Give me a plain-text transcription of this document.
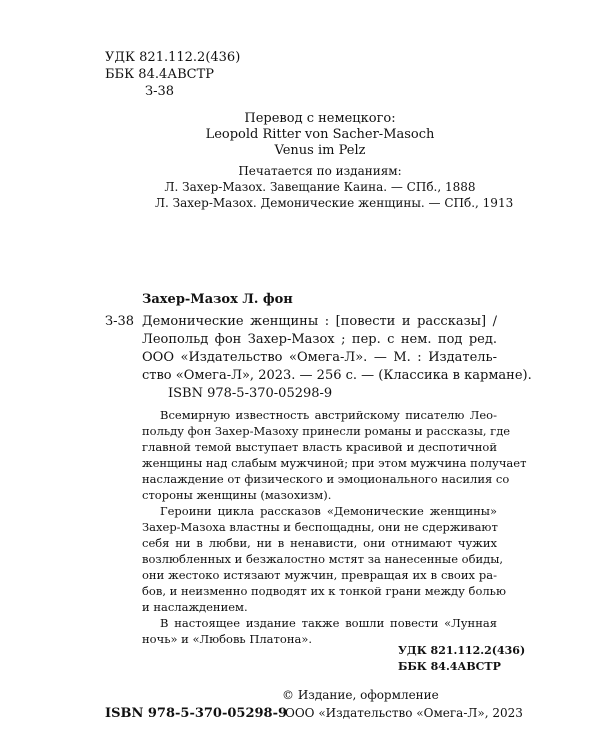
УДК 821.112.2(436)
ББК 84.4АВСТР
З-38
Перевод с немецкого:
Leopold Ritter von Sacher-Masoch
Venus im Pelz
Печатается по изданиям:
Л. Захер-Мазох. Завещание Каина. — СПб., 1888
Л. Захер-Мазох. Демонические женщины. — СПб., 1913
Захер-Мазох Л. фон
З-38 Демонические женщины : [повести и рассказы] /
Леопольд фон Захер-Мазох ; пер. с нем. под ред.
ООО «Издательство «Омега-Л». — М. : Издатель-
ство «Омега-Л», 2023. — 256 с. — (Классика в кармане).
ISBN 978-5-370-05298-9
Всемирную известность австрийскому писателю Лео-
польду фон Захер-Мазоху принесли романы и рассказы, где
главной темой выступает власть красивой и деспотичной
женщины над слабым мужчиной; при этом мужчина получает
наслаждение от физического и эмоционального насилия со
стороны женщины (мазохизм).
Героини цикла рассказов «Демонические женщины»
Захер-Мазоха властны и беспощадны, они не сдерживают
себя ни в любви, ни в ненависти, они отнимают чужих
возлюбленных и безжалостно мстят за нанесенные обиды,
они жестоко истязают мужчин, превращая их в своих ра-
бов, и неизменно подводят их к тонкой грани между болью
и наслаждением.
В настоящее издание также вошли повести «Лунная
ночь» и «Любовь Платона».
УДК 821.112.2(436)
ББК 84.4АВСТР
© Издание, оформление
ISBN 978-5-370-05298-9
ООО «Издательство «Омега-Л», 2023
